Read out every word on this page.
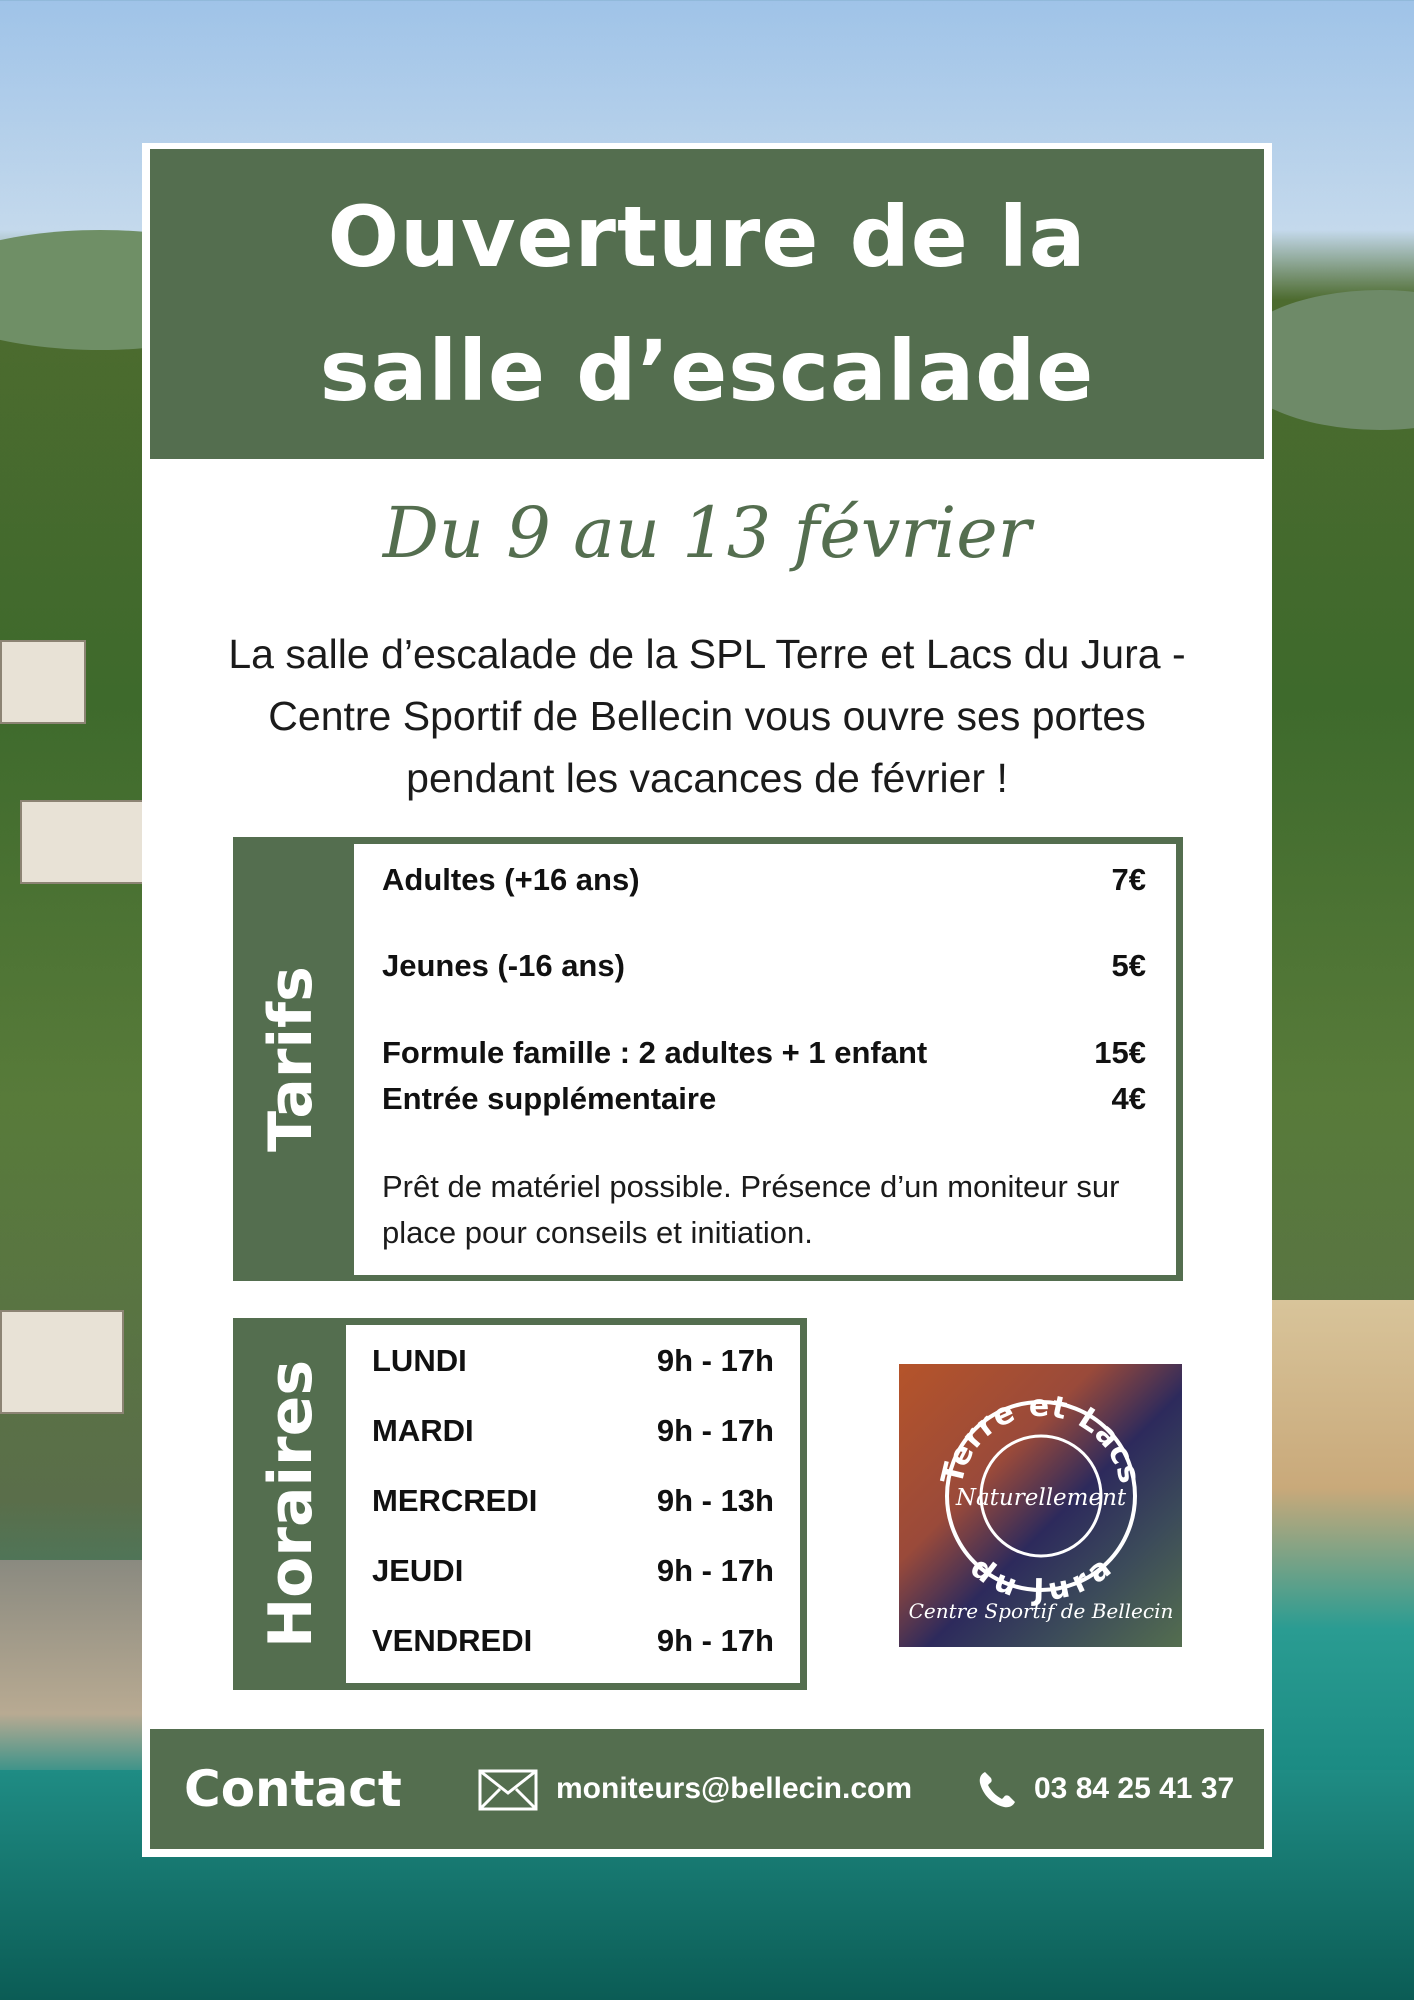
Ouverture de la
salle d’escalade
Du 9 au 13 février
La salle d’escalade de la SPL Terre et Lacs du Jura - Centre Sportif de Bellecin vous ouvre ses portes pendant les vacances de février !
Tarifs
Adultes (+16 ans)	7€
Jeunes (-16 ans)	5€
Formule famille : 2 adultes + 1 enfant	15€
Entrée supplémentaire	4€
Prêt de matériel possible. Présence d’un moniteur sur place pour conseils et initiation.
Horaires LUNDI	9h - 17h
MARDI	9h - 17h
MERCREDI	9h - 13h
JEUDI	9h - 17h
VENDREDI	9h - 17h
Terre et Lacs
du Jura
Naturellement
Centre Sportif de Bellecin
Contact	moniteurs@bellecin.com	03 84 25 41 37
